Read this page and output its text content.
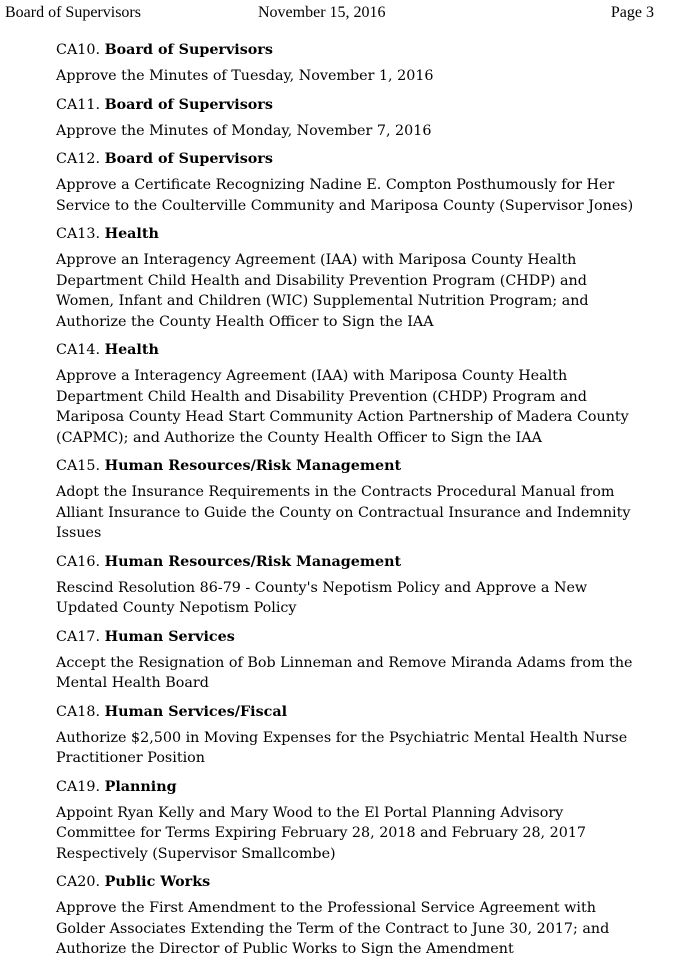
Board of Supervisors	November 15, 2016	Page 3
CA10. Board of Supervisors
Approve the Minutes of Tuesday, November 1, 2016
CA11. Board of Supervisors
Approve the Minutes of Monday, November 7, 2016
CA12. Board of Supervisors
Approve a Certificate Recognizing Nadine E. Compton Posthumously for Her
Service to the Coulterville Community and Mariposa County (Supervisor Jones)
CA13. Health
Approve an Interagency Agreement (IAA) with Mariposa County Health
Department Child Health and Disability Prevention Program (CHDP) and
Women, Infant and Children (WIC) Supplemental Nutrition Program; and
Authorize the County Health Officer to Sign the IAA
CA14. Health
Approve a Interagency Agreement (IAA) with Mariposa County Health
Department Child Health and Disability Prevention (CHDP) Program and
Mariposa County Head Start Community Action Partnership of Madera County
(CAPMC); and Authorize the County Health Officer to Sign the IAA
CA15. Human Resources/Risk Management
Adopt the Insurance Requirements in the Contracts Procedural Manual from
Alliant Insurance to Guide the County on Contractual Insurance and Indemnity
Issues
CA16. Human Resources/Risk Management
Rescind Resolution 86-79 - County's Nepotism Policy and Approve a New
Updated County Nepotism Policy
CA17. Human Services
Accept the Resignation of Bob Linneman and Remove Miranda Adams from the
Mental Health Board
CA18. Human Services/Fiscal
Authorize $2,500 in Moving Expenses for the Psychiatric Mental Health Nurse
Practitioner Position
CA19. Planning
Appoint Ryan Kelly and Mary Wood to the El Portal Planning Advisory
Committee for Terms Expiring February 28, 2018 and February 28, 2017
Respectively (Supervisor Smallcombe)
CA20. Public Works
Approve the First Amendment to the Professional Service Agreement with
Golder Associates Extending the Term of the Contract to June 30, 2017; and
Authorize the Director of Public Works to Sign the Amendment
